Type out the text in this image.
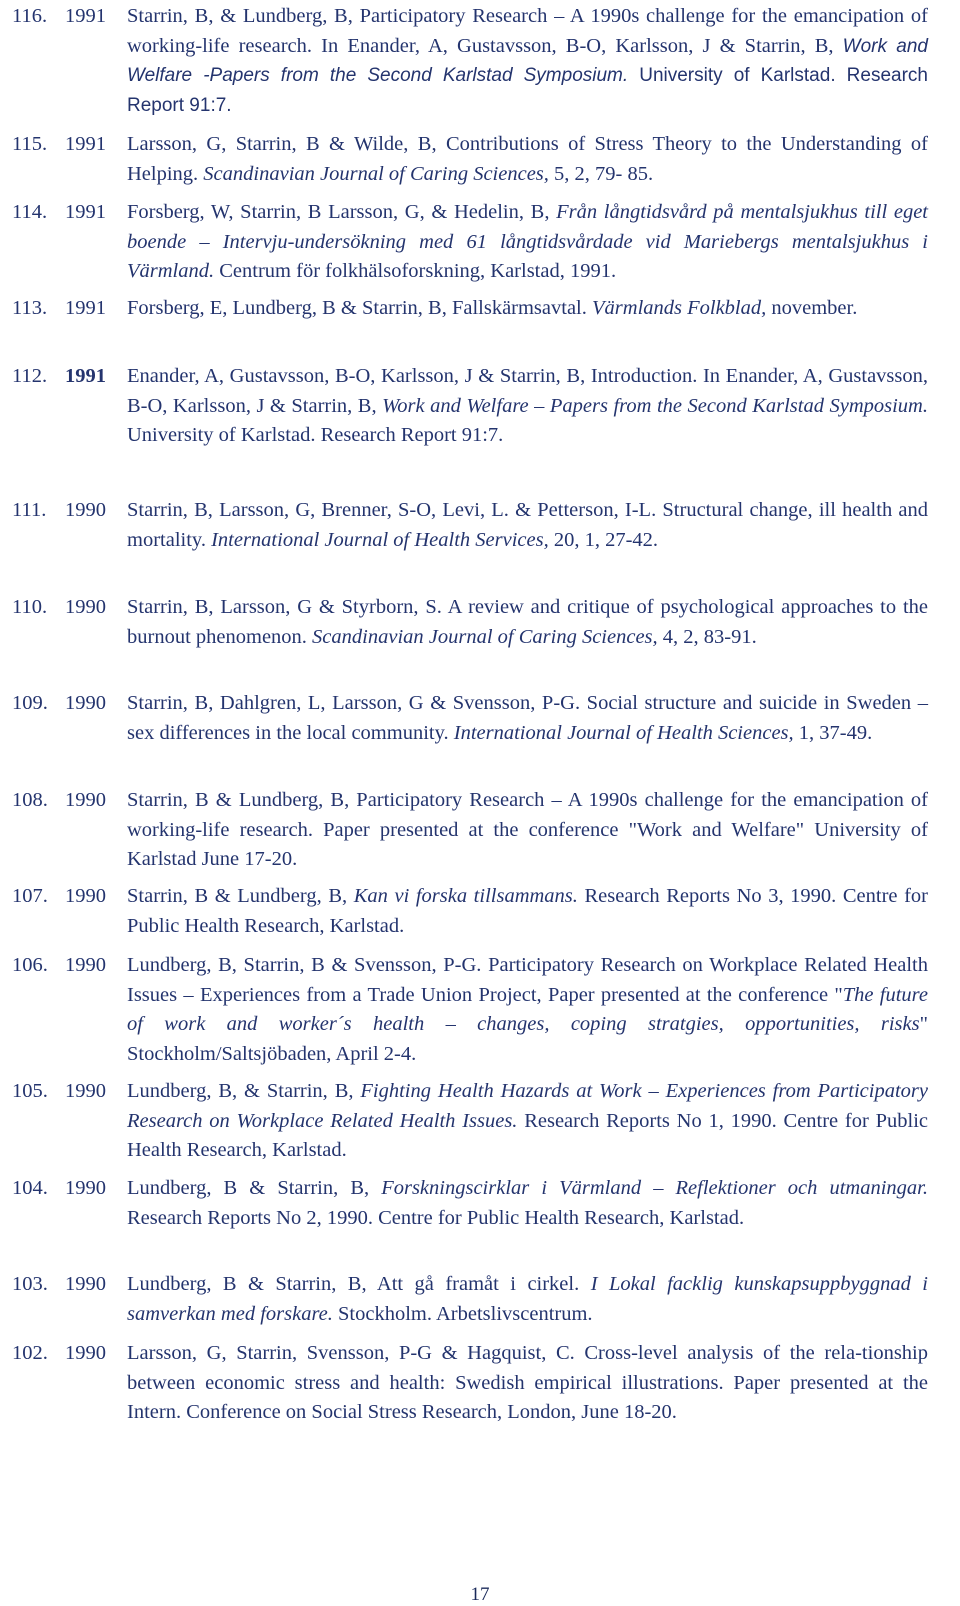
116. 1991 Starrin, B, & Lundberg, B, Participatory Research – A 1990s challenge for the emancipation of working-life research. In Enander, A, Gustavsson, B-O, Karlsson, J & Starrin, B, Work and Welfare -Papers from the Second Karlstad Symposium. University of Karlstad. Research Report 91:7.
115. 1991 Larsson, G, Starrin, B & Wilde, B, Contributions of Stress Theory to the Understanding of Helping. Scandinavian Journal of Caring Sciences, 5, 2, 79- 85.
114. 1991 Forsberg, W, Starrin, B Larsson, G, & Hedelin, B, Från långtidsvård på mentalsjukhus till eget boende – Intervju-undersökning med 61 långtidsvårdade vid Mariebergs mentalsjukhus i Värmland. Centrum för folkhälsoforskning, Karlstad, 1991.
113. 1991 Forsberg, E, Lundberg, B & Starrin, B, Fallskärmsavtal. Värmlands Folkblad, november.
112. 1991 Enander, A, Gustavsson, B-O, Karlsson, J & Starrin, B, Introduction. In Enander, A, Gustavsson, B-O, Karlsson, J & Starrin, B, Work and Welfare – Papers from the Second Karlstad Symposium. University of Karlstad. Research Report 91:7.
111. 1990 Starrin, B, Larsson, G, Brenner, S-O, Levi, L. & Petterson, I-L. Structural change, ill health and mortality. International Journal of Health Services, 20, 1, 27-42.
110. 1990 Starrin, B, Larsson, G & Styrborn, S. A review and critique of psychological approaches to the burnout phenomenon. Scandinavian Journal of Caring Sciences, 4, 2, 83-91.
109. 1990 Starrin, B, Dahlgren, L, Larsson, G & Svensson, P-G. Social structure and suicide in Sweden – sex differences in the local community. International Journal of Health Sciences, 1, 37-49.
108. 1990 Starrin, B & Lundberg, B, Participatory Research – A 1990s challenge for the emancipation of working-life research. Paper presented at the conference "Work and Welfare" University of Karlstad June 17-20.
107. 1990 Starrin, B & Lundberg, B, Kan vi forska tillsammans. Research Reports No 3, 1990. Centre for Public Health Research, Karlstad.
106. 1990 Lundberg, B, Starrin, B & Svensson, P-G. Participatory Research on Workplace Related Health Issues – Experiences from a Trade Union Project, Paper presented at the conference "The future of work and worker´s health – changes, coping stratgies, opportunities, risks" Stockholm/Saltsjöbaden, April 2-4.
105. 1990 Lundberg, B, & Starrin, B, Fighting Health Hazards at Work – Experiences from Participatory Research on Workplace Related Health Issues. Research Reports No 1, 1990. Centre for Public Health Research, Karlstad.
104. 1990 Lundberg, B & Starrin, B, Forskningscirklar i Värmland – Reflektioner och utmaningar. Research Reports No 2, 1990. Centre for Public Health Research, Karlstad.
103. 1990 Lundberg, B & Starrin, B, Att gå framåt i cirkel. I Lokal facklig kunskapsuppbyggnad i samverkan med forskare. Stockholm. Arbetslivscentrum.
102. 1990 Larsson, G, Starrin, Svensson, P-G & Hagquist, C. Cross-level analysis of the rela-tionship between economic stress and health: Swedish empirical illustrations. Paper presented at the Intern. Conference on Social Stress Research, London, June 18-20.
17
